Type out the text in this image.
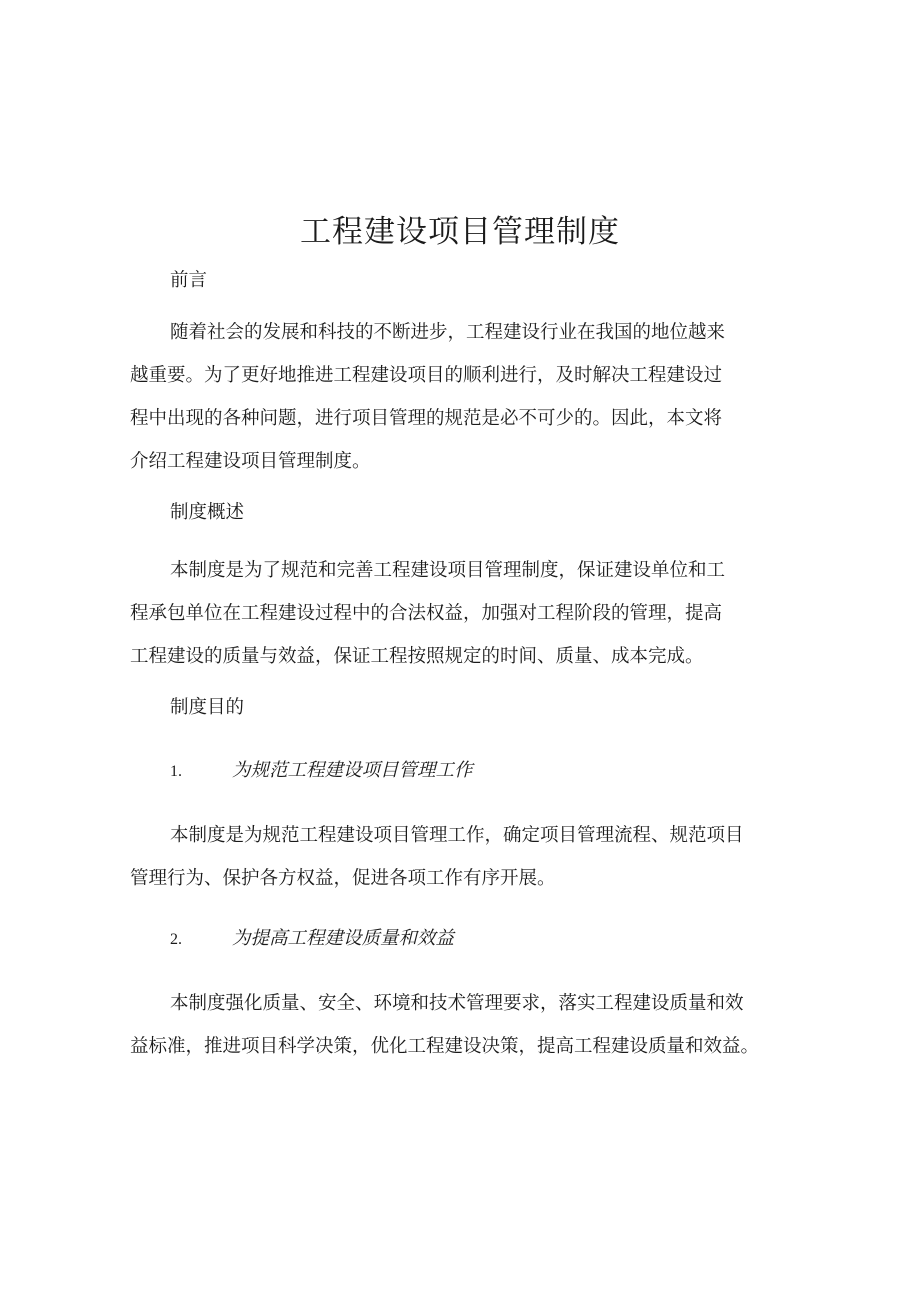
工程建设项目管理制度
前言

随着社会的发展和科技的不断进步，工程建设行业在我国的地位越来
越重要。为了更好地推进工程建设项目的顺利进行，及时解决工程建设过
程中出现的各种问题，进行项目管理的规范是必不可少的。因此，本文将
介绍工程建设项目管理制度。

制度概述

本制度是为了规范和完善工程建设项目管理制度，保证建设单位和工
程承包单位在工程建设过程中的合法权益，加强对工程阶段的管理，提高
工程建设的质量与效益，保证工程按照规定的时间、质量、成本完成。

制度目的
1.	为规范工程建设项目管理工作

本制度是为规范工程建设项目管理工作，确定项目管理流程、规范项目
管理行为、保护各方权益，促进各项工作有序开展。

2.	为提高工程建设质量和效益

本制度强化质量、安全、环境和技术管理要求，落实工程建设质量和效
益标准，推进项目科学决策，优化工程建设决策，提高工程建设质量和效益。
